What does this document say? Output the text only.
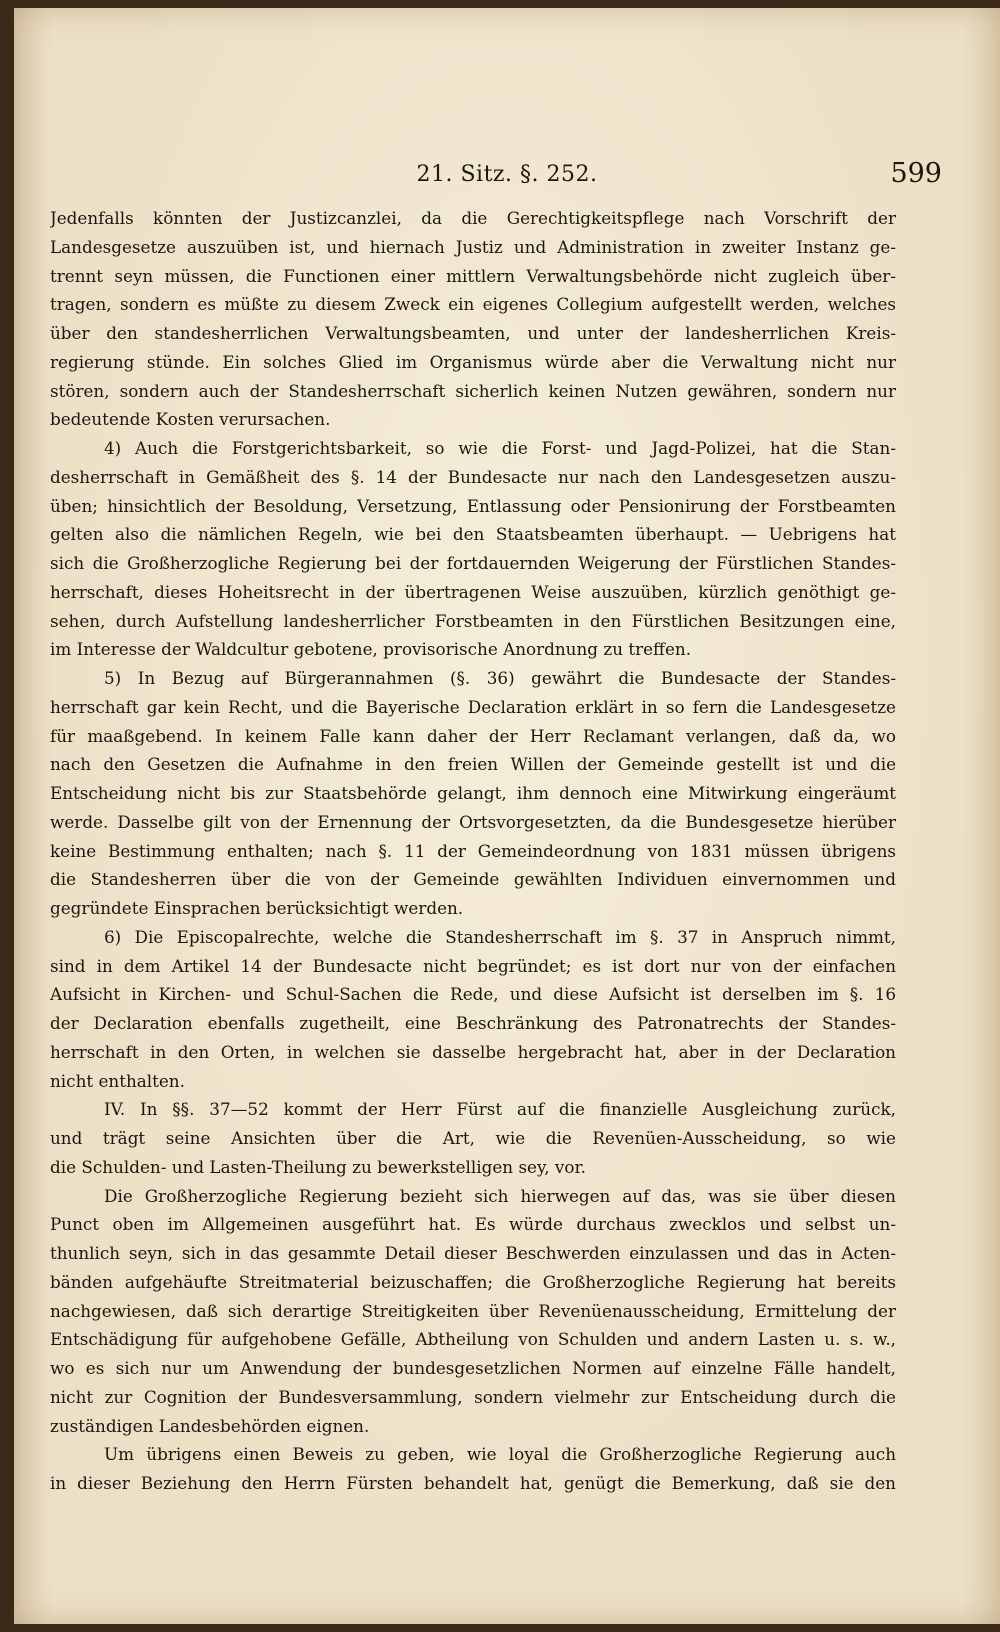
21. Sitz. §. 252.	599
Jedenfalls könnten der Justizcanzlei, da die Gerechtigkeitspflege nach Vorschrift der
Landesgesetze auszuüben ist, und hiernach Justiz und Administration in zweiter Instanz ge-
trennt seyn müssen, die Functionen einer mittlern Verwaltungsbehörde nicht zugleich über-
tragen, sondern es müßte zu diesem Zweck ein eigenes Collegium aufgestellt werden, welches
über den standesherrlichen Verwaltungsbeamten, und unter der landesherrlichen Kreis-
regierung stünde. Ein solches Glied im Organismus würde aber die Verwaltung nicht nur
stören, sondern auch der Standesherrschaft sicherlich keinen Nutzen gewähren, sondern nur
bedeutende Kosten verursachen.
4) Auch die Forstgerichtsbarkeit, so wie die Forst- und Jagd-Polizei, hat die Stan-
desherrschaft in Gemäßheit des §. 14 der Bundesacte nur nach den Landesgesetzen auszu-
üben; hinsichtlich der Besoldung, Versetzung, Entlassung oder Pensionirung der Forstbeamten
gelten also die nämlichen Regeln, wie bei den Staatsbeamten überhaupt. — Uebrigens hat
sich die Großherzogliche Regierung bei der fortdauernden Weigerung der Fürstlichen Standes-
herrschaft, dieses Hoheitsrecht in der übertragenen Weise auszuüben, kürzlich genöthigt ge-
sehen, durch Aufstellung landesherrlicher Forstbeamten in den Fürstlichen Besitzungen eine,
im Interesse der Waldcultur gebotene, provisorische Anordnung zu treffen.
5) In Bezug auf Bürgerannahmen (§. 36) gewährt die Bundesacte der Standes-
herrschaft gar kein Recht, und die Bayerische Declaration erklärt in so fern die Landesgesetze
für maaßgebend. In keinem Falle kann daher der Herr Reclamant verlangen, daß da, wo
nach den Gesetzen die Aufnahme in den freien Willen der Gemeinde gestellt ist und die
Entscheidung nicht bis zur Staatsbehörde gelangt, ihm dennoch eine Mitwirkung eingeräumt
werde. Dasselbe gilt von der Ernennung der Ortsvorgesetzten, da die Bundesgesetze hierüber
keine Bestimmung enthalten; nach §. 11 der Gemeindeordnung von 1831 müssen übrigens
die Standesherren über die von der Gemeinde gewählten Individuen einvernommen und
gegründete Einsprachen berücksichtigt werden.
6) Die Episcopalrechte, welche die Standesherrschaft im §. 37 in Anspruch nimmt,
sind in dem Artikel 14 der Bundesacte nicht begründet; es ist dort nur von der einfachen
Aufsicht in Kirchen- und Schul-Sachen die Rede, und diese Aufsicht ist derselben im §. 16
der Declaration ebenfalls zugetheilt, eine Beschränkung des Patronatrechts der Standes-
herrschaft in den Orten, in welchen sie dasselbe hergebracht hat, aber in der Declaration
nicht enthalten.
IV. In §§. 37—52 kommt der Herr Fürst auf die finanzielle Ausgleichung zurück,
und trägt seine Ansichten über die Art, wie die Revenüen-Ausscheidung, so wie
die Schulden- und Lasten-Theilung zu bewerkstelligen sey, vor.
Die Großherzogliche Regierung bezieht sich hierwegen auf das, was sie über diesen
Punct oben im Allgemeinen ausgeführt hat. Es würde durchaus zwecklos und selbst un-
thunlich seyn, sich in das gesammte Detail dieser Beschwerden einzulassen und das in Acten-
bänden aufgehäufte Streitmaterial beizuschaffen; die Großherzogliche Regierung hat bereits
nachgewiesen, daß sich derartige Streitigkeiten über Revenüenausscheidung, Ermittelung der
Entschädigung für aufgehobene Gefälle, Abtheilung von Schulden und andern Lasten u. s. w.,
wo es sich nur um Anwendung der bundesgesetzlichen Normen auf einzelne Fälle handelt,
nicht zur Cognition der Bundesversammlung, sondern vielmehr zur Entscheidung durch die
zuständigen Landesbehörden eignen.
Um übrigens einen Beweis zu geben, wie loyal die Großherzogliche Regierung auch
in dieser Beziehung den Herrn Fürsten behandelt hat, genügt die Bemerkung, daß sie den
